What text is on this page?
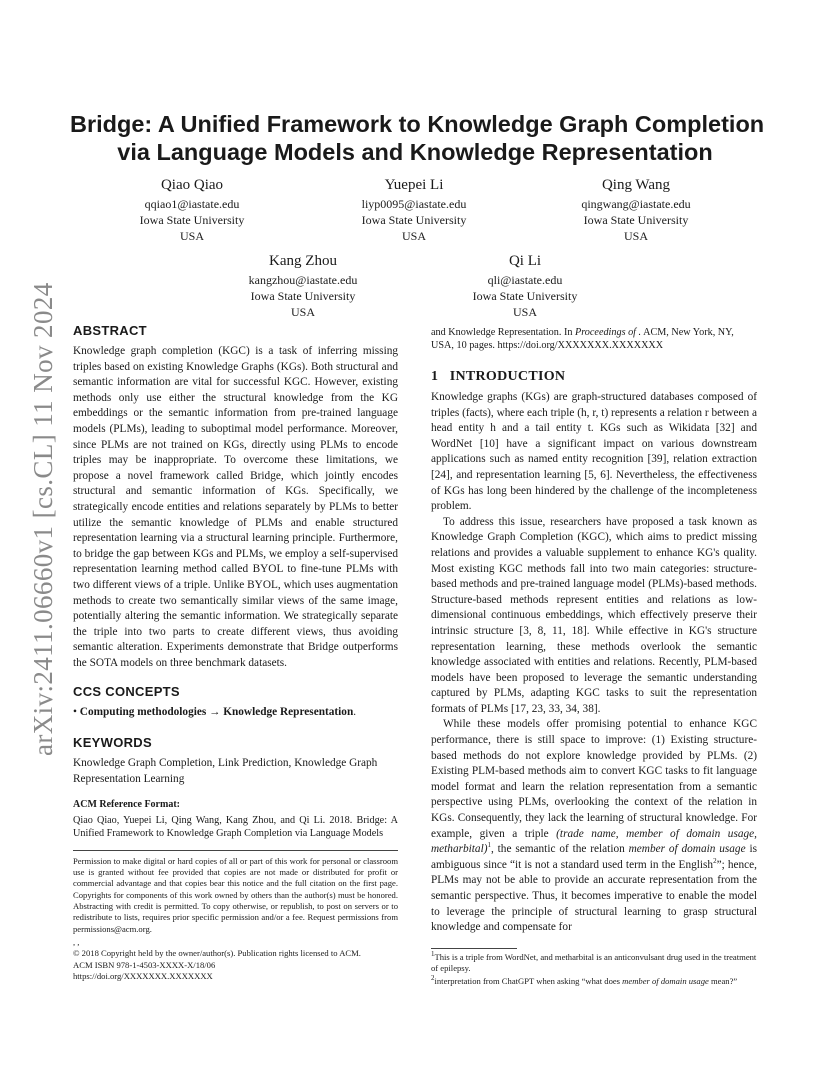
arXiv:2411.06660v1 [cs.CL] 11 Nov 2024
Bridge: A Unified Framework to Knowledge Graph Completion
via Language Models and Knowledge Representation
Qiao Qiao
qqiao1@iastate.edu
Iowa State University
USA
Yuepei Li
liyp0095@iastate.edu
Iowa State University
USA
Qing Wang
qingwang@iastate.edu
Iowa State University
USA
Kang Zhou
kangzhou@iastate.edu
Iowa State University
USA
Qi Li
qli@iastate.edu
Iowa State University
USA
ABSTRACT

Knowledge graph completion (KGC) is a task of inferring missing triples based on existing Knowledge Graphs (KGs). Both structural and semantic information are vital for successful KGC. However, existing methods only use either the structural knowledge from the KG embeddings or the semantic information from pre-trained language models (PLMs), leading to suboptimal model performance. Moreover, since PLMs are not trained on KGs, directly using PLMs to encode triples may be inappropriate. To overcome these limitations, we propose a novel framework called Bridge, which jointly encodes structural and semantic information of KGs. Specifically, we strategically encode entities and relations separately by PLMs to better utilize the semantic knowledge of PLMs and enable structured representation learning via a structural learning principle. Furthermore, to bridge the gap between KGs and PLMs, we employ a self-supervised representation learning method called BYOL to fine-tune PLMs with two different views of a triple. Unlike BYOL, which uses augmentation methods to create two semantically similar views of the same image, potentially altering the semantic information. We strategically separate the triple into two parts to create different views, thus avoiding semantic alteration. Experiments demonstrate that Bridge outperforms the SOTA models on three benchmark datasets.

CCS CONCEPTS

• Computing methodologies → Knowledge Representation.

KEYWORDS

Knowledge Graph Completion, Link Prediction, Knowledge Graph Representation Learning

ACM Reference Format:

Qiao Qiao, Yuepei Li, Qing Wang, Kang Zhou, and Qi Li. 2018. Bridge: A Unified Framework to Knowledge Graph Completion via Language Models

Permission to make digital or hard copies of all or part of this work for personal or classroom use is granted without fee provided that copies are not made or distributed for profit or commercial advantage and that copies bear this notice and the full citation on the first page. Copyrights for components of this work owned by others than the author(s) must be honored. Abstracting with credit is permitted. To copy otherwise, or republish, to post on servers or to redistribute to lists, requires prior specific permission and/or a fee. Request permissions from permissions@acm.org.

, ,

© 2018 Copyright held by the owner/author(s). Publication rights licensed to ACM.

ACM ISBN 978-1-4503-XXXX-X/18/06

https://doi.org/XXXXXXX.XXXXXXX

and Knowledge Representation. In Proceedings of . ACM, New York, NY, USA, 10 pages. https://doi.org/XXXXXXX.XXXXXXX

1 INTRODUCTION

Knowledge graphs (KGs) are graph-structured databases composed of triples (facts), where each triple (h, r, t) represents a relation r between a head entity h and a tail entity t. KGs such as Wikidata [32] and WordNet [10] have a significant impact on various downstream applications such as named entity recognition [39], relation extraction [24], and representation learning [5, 6]. Nevertheless, the effectiveness of KGs has long been hindered by the challenge of the incompleteness problem.

To address this issue, researchers have proposed a task known as Knowledge Graph Completion (KGC), which aims to predict missing relations and provides a valuable supplement to enhance KG's quality. Most existing KGC methods fall into two main categories: structure-based methods and pre-trained language model (PLMs)-based methods. Structure-based methods represent entities and relations as low-dimensional continuous embeddings, which effectively preserve their intrinsic structure [3, 8, 11, 18]. While effective in KG's structure representation learning, these methods overlook the semantic knowledge associated with entities and relations. Recently, PLM-based models have been proposed to leverage the semantic understanding captured by PLMs, adapting KGC tasks to suit the representation formats of PLMs [17, 23, 33, 34, 38].

While these models offer promising potential to enhance KGC performance, there is still space to improve: (1) Existing structure-based methods do not explore knowledge provided by PLMs. (2) Existing PLM-based methods aim to convert KGC tasks to fit language model format and learn the relation representation from a semantic perspective using PLMs, overlooking the context of the relation in KGs. Consequently, they lack the learning of structural knowledge. For example, given a triple (trade name, member of domain usage, metharbital)$^1$, the semantic of the relation member of domain usage is ambiguous since “it is not a standard used term in the English$^2$”; hence, PLMs may not be able to provide an accurate representation from the semantic perspective. Thus, it becomes imperative to enable the model to leverage the principle of structural learning to grasp structural knowledge and compensate for

$^1$This is a triple from WordNet, and metharbital is an anticonvulsant drug used in the treatment of epilepsy.

$^2$interpretation from ChatGPT when asking “what does member of domain usage mean?”
